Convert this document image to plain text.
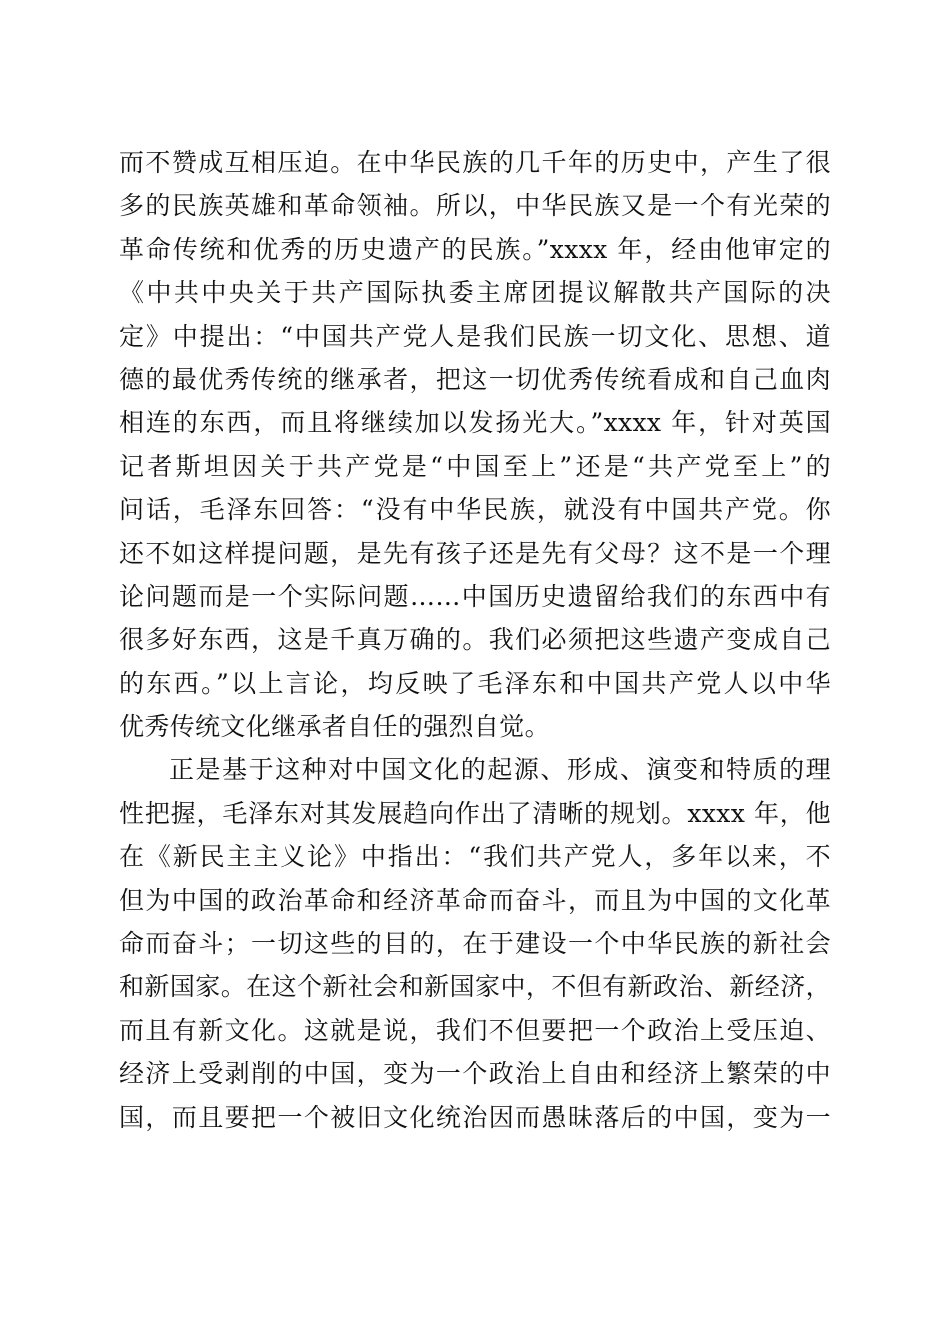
而不赞成互相压迫。在中华民族的几千年的历史中，产生了很
多的民族英雄和革命领袖。所以，中华民族又是一个有光荣的
革命传统和优秀的历史遗产的民族。”xxxx 年，经由他审定的
《中共中央关于共产国际执委主席团提议解散共产国际的决
定》中提出：“中国共产党人是我们民族一切文化、思想、道
德的最优秀传统的继承者，把这一切优秀传统看成和自己血肉
相连的东西，而且将继续加以发扬光大。”xxxx 年，针对英国
记者斯坦因关于共产党是“中国至上”还是“共产党至上”的
问话，毛泽东回答：“没有中华民族，就没有中国共产党。你
还不如这样提问题，是先有孩子还是先有父母？这不是一个理
论问题而是一个实际问题……中国历史遗留给我们的东西中有
很多好东西，这是千真万确的。我们必须把这些遗产变成自己
的东西。”以上言论，均反映了毛泽东和中国共产党人以中华
优秀传统文化继承者自任的强烈自觉。
正是基于这种对中国文化的起源、形成、演变和特质的理
性把握，毛泽东对其发展趋向作出了清晰的规划。xxxx 年，他
在《新民主主义论》中指出：“我们共产党人，多年以来，不
但为中国的政治革命和经济革命而奋斗，而且为中国的文化革
命而奋斗；一切这些的目的，在于建设一个中华民族的新社会
和新国家。在这个新社会和新国家中，不但有新政治、新经济，
而且有新文化。这就是说，我们不但要把一个政治上受压迫、
经济上受剥削的中国，变为一个政治上自由和经济上繁荣的中
国，而且要把一个被旧文化统治因而愚昧落后的中国，变为一
